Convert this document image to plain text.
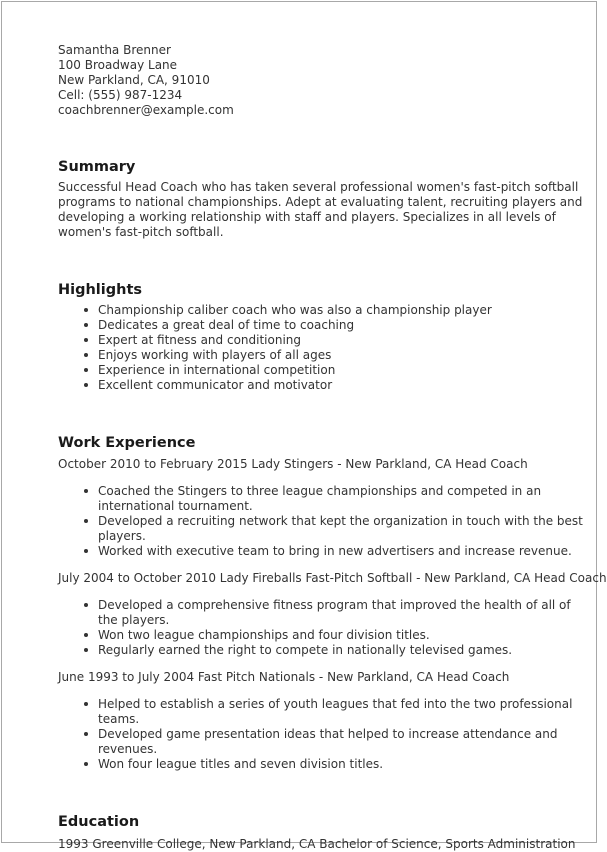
Samantha Brenner
100 Broadway Lane
New Parkland, CA, 91010
Cell: (555) 987-1234
coachbrenner@example.com
Summary

Successful Head Coach who has taken several professional women's fast-pitch softball programs to national championships. Adept at evaluating talent, recruiting players and developing a working relationship with staff and players. Specializes in all levels of women's fast-pitch softball.

Highlights
Championship caliber coach who was also a championship player
Dedicates a great deal of time to coaching
Expert at fitness and conditioning
Enjoys working with players of all ages
Experience in international competition
Excellent communicator and motivator
Work Experience
October 2010 to February 2015 Lady Stingers - New Parkland, CA Head Coach
Coached the Stingers to three league championships and competed in an international tournament.
Developed a recruiting network that kept the organization in touch with the best players.
Worked with executive team to bring in new advertisers and increase revenue.
July 2004 to October 2010 Lady Fireballs Fast-Pitch Softball - New Parkland, CA Head Coach
Developed a comprehensive fitness program that improved the health of all of the players.
Won two league championships and four division titles.
Regularly earned the right to compete in nationally televised games.
June 1993 to July 2004 Fast Pitch Nationals - New Parkland, CA Head Coach
Helped to establish a series of youth leagues that fed into the two professional teams.
Developed game presentation ideas that helped to increase attendance and revenues.
Won four league titles and seven division titles.
Education
1993 Greenville College, New Parkland, CA Bachelor of Science, Sports Administration
